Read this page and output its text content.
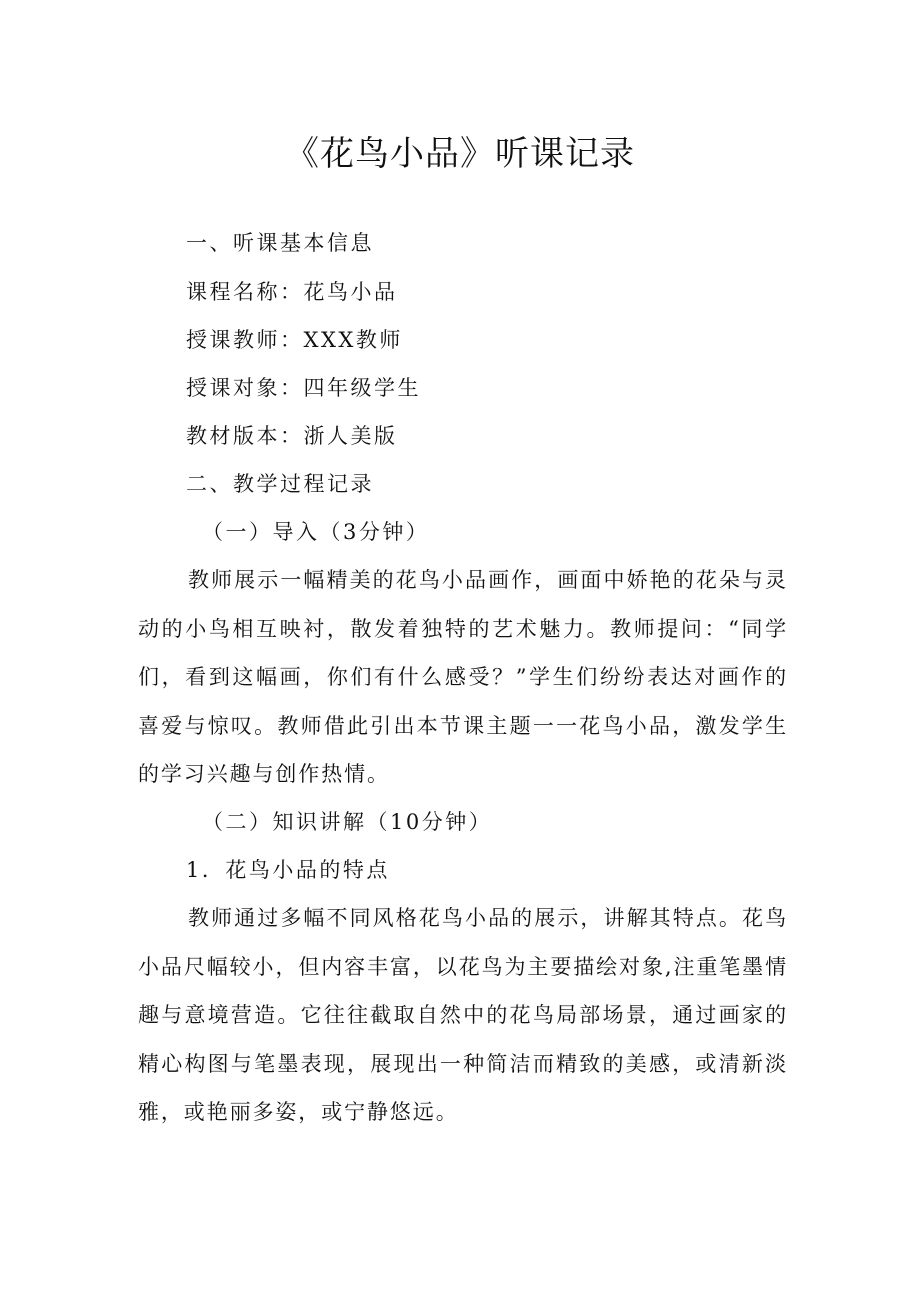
《花鸟小品》听课记录

一、听课基本信息

课程名称：花鸟小品

授课教师：XXX教师

授课对象：四年级学生

教材版本：浙人美版

二、教学过程记录

（一）导入（3分钟）

教师展示一幅精美的花鸟小品画作，画面中娇艳的花朵与灵动的小鸟相互映衬，散发着独特的艺术魅力。教师提问：“同学们，看到这幅画，你们有什么感受？”学生们纷纷表达对画作的喜爱与惊叹。教师借此引出本节课主题一一花鸟小品，激发学生的学习兴趣与创作热情。

（二）知识讲解（10分钟）

1．花鸟小品的特点

教师通过多幅不同风格花鸟小品的展示，讲解其特点。花鸟小品尺幅较小，但内容丰富，以花鸟为主要描绘对象,注重笔墨情趣与意境营造。它往往截取自然中的花鸟局部场景，通过画家的精心构图与笔墨表现，展现出一种简洁而精致的美感，或清新淡雅，或艳丽多姿，或宁静悠远。
